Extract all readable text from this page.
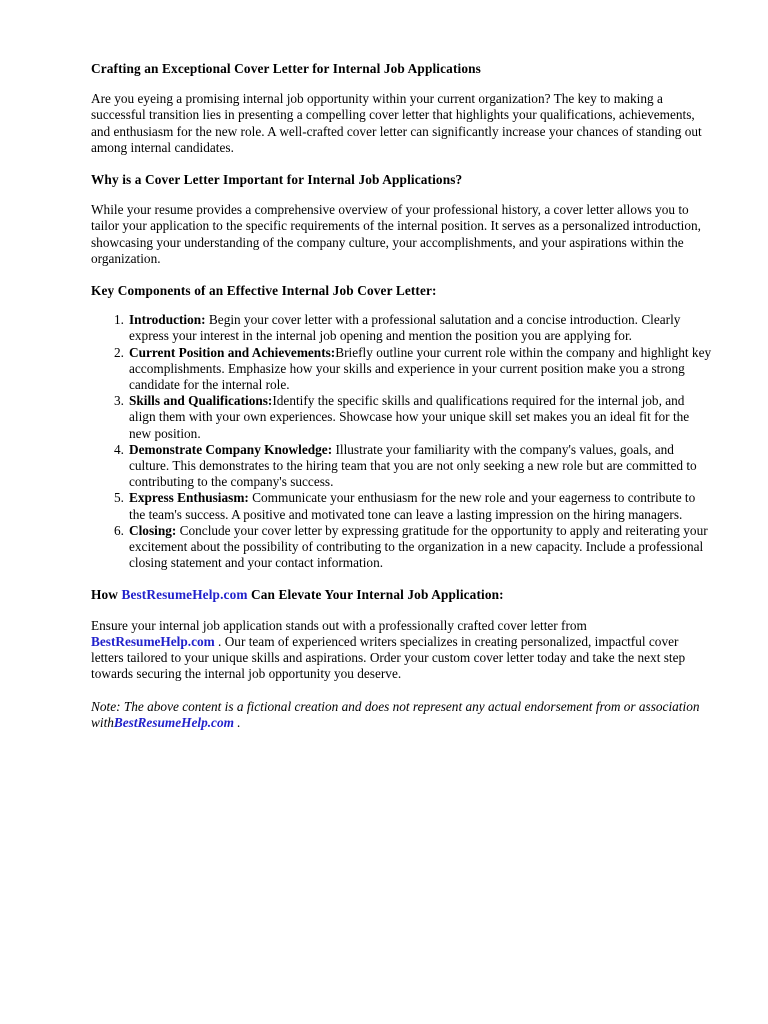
Crafting an Exceptional Cover Letter for Internal Job Applications

Are you eyeing a promising internal job opportunity within your current organization? The key to making a successful transition lies in presenting a compelling cover letter that highlights your qualifications, achievements, and enthusiasm for the new role. A well-crafted cover letter can significantly increase your chances of standing out among internal candidates.

Why is a Cover Letter Important for Internal Job Applications?

While your resume provides a comprehensive overview of your professional history, a cover letter allows you to tailor your application to the specific requirements of the internal position. It serves as a personalized introduction, showcasing your understanding of the company culture, your accomplishments, and your aspirations within the organization.

Key Components of an Effective Internal Job Cover Letter:
Introduction: Begin your cover letter with a professional salutation and a concise introduction. Clearly express your interest in the internal job opening and mention the position you are applying for.
Current Position and Achievements:Briefly outline your current role within the company and highlight key accomplishments. Emphasize how your skills and experience in your current position make you a strong candidate for the internal role.
Skills and Qualifications:Identify the specific skills and qualifications required for the internal job, and align them with your own experiences. Showcase how your unique skill set makes you an ideal fit for the new position.
Demonstrate Company Knowledge: Illustrate your familiarity with the company's values, goals, and culture. This demonstrates to the hiring team that you are not only seeking a new role but are committed to contributing to the company's success.
Express Enthusiasm: Communicate your enthusiasm for the new role and your eagerness to contribute to the team's success. A positive and motivated tone can leave a lasting impression on the hiring managers.
Closing: Conclude your cover letter by expressing gratitude for the opportunity to apply and reiterating your excitement about the possibility of contributing to the organization in a new capacity. Include a professional closing statement and your contact information.
How BestResumeHelp.com Can Elevate Your Internal Job Application:

Ensure your internal job application stands out with a professionally crafted cover letter from BestResumeHelp.com . Our team of experienced writers specializes in creating personalized, impactful cover letters tailored to your unique skills and aspirations. Order your custom cover letter today and take the next step towards securing the internal job opportunity you deserve.

Note: The above content is a fictional creation and does not represent any actual endorsement from or association withBestResumeHelp.com .
